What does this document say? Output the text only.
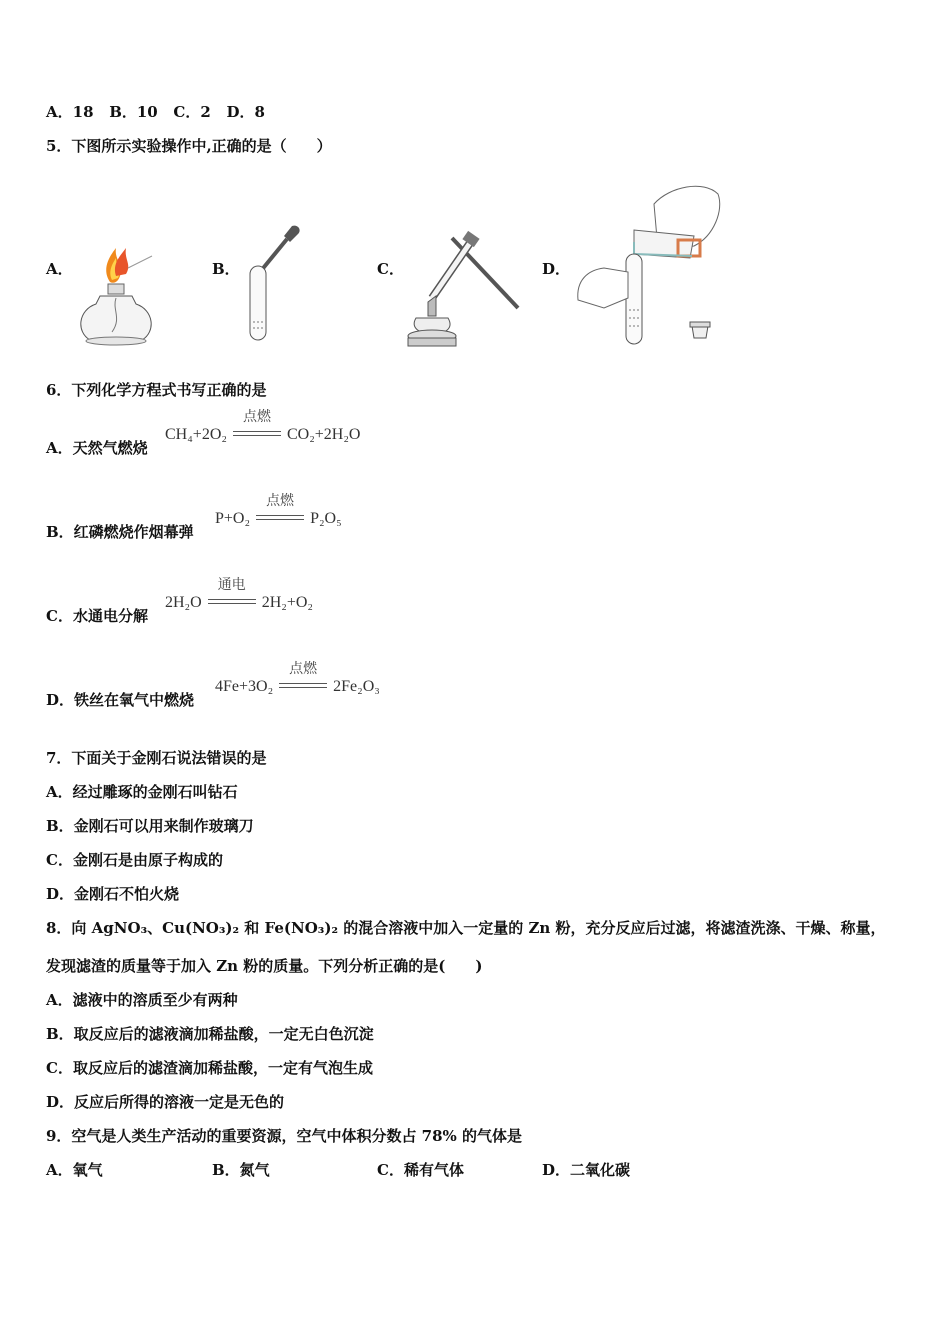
A．18 B．10 C．2 D．8
5．下图所示实验操作中,正确的是（　　）
A．	B．	C．	D．
6．下列化学方程式书写正确的是
A．天然气燃烧
CH₄+2O₂
点燃
CO₂+2H₂O
B．红磷燃烧作烟幕弹
P+O₂
点燃
P₂O₅
C．水通电分解
2H₂O
通电
2H₂+O₂
D．铁丝在氧气中燃烧
4Fe+3O₂
点燃
2Fe₂O₃
7．下面关于金刚石说法错误的是
A．经过雕琢的金刚石叫钻石
B．金刚石可以用来制作玻璃刀
C．金刚石是由原子构成的
D．金刚石不怕火烧
8．向 AgNO₃、Cu(NO₃)₂ 和 Fe(NO₃)₂ 的混合溶液中加入一定量的 Zn 粉，充分反应后过滤，将滤渣洗涤、干燥、称量，
发现滤渣的质量等于加入 Zn 粉的质量。下列分析正确的是(　　)
A．滤液中的溶质至少有两种
B．取反应后的滤液滴加稀盐酸，一定无白色沉淀
C．取反应后的滤渣滴加稀盐酸，一定有气泡生成
D．反应后所得的溶液一定是无色的
9．空气是人类生产活动的重要资源，空气中体积分数占 78% 的气体是
A．氧气	B．氮气	C．稀有气体	D．二氧化碳
